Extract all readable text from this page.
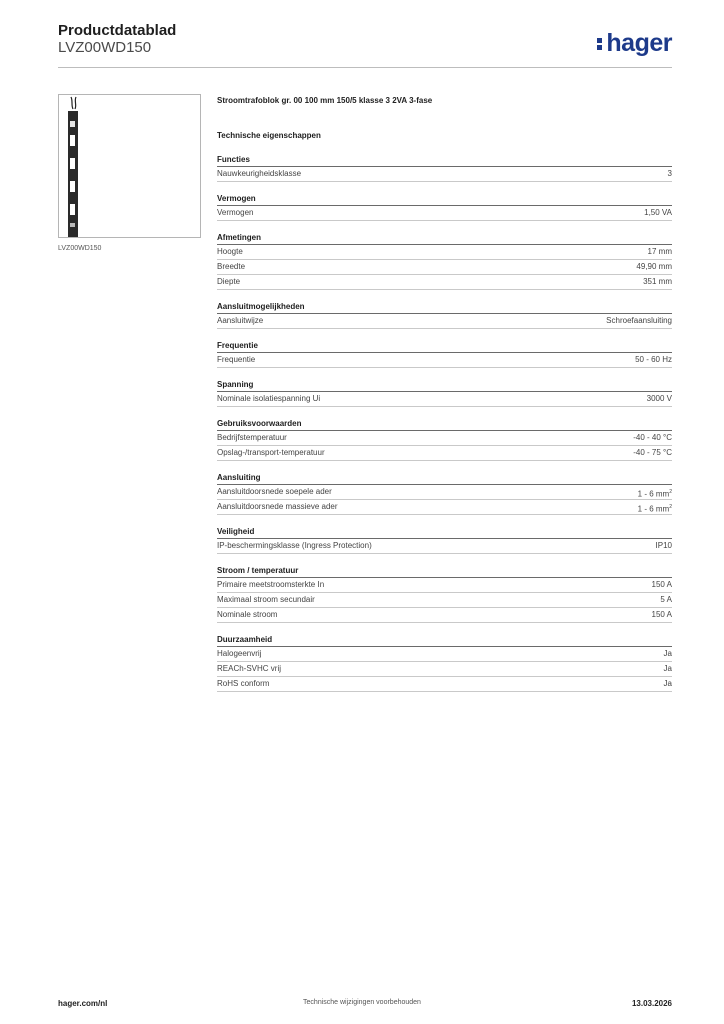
Productdatablad
LVZ00WD150	hager
LVZ00WD150
Stroomtrafoblok gr. 00 100 mm 150/5 klasse 3 2VA 3-fase
Technische eigenschappen
Functies
Nauwkeurigheidsklasse	3
Vermogen
Vermogen	1,50 VA
Afmetingen
Hoogte	17 mm
Breedte	49,90 mm
Diepte	351 mm
Aansluitmogelijkheden
Aansluitwijze	Schroefaansluiting
Frequentie
Frequentie	50 - 60 Hz
Spanning
Nominale isolatiespanning Ui	3000 V
Gebruiksvoorwaarden
Bedrijfstemperatuur	-40 - 40 °C
Opslag-/transport-temperatuur	-40 - 75 °C
Aansluiting
Aansluitdoorsnede soepele ader	1 - 6 $mm^2$
Aansluitdoorsnede massieve ader	1 - 6 $mm^2$
Veiligheid
IP-beschermingsklasse (Ingress Protection)	IP10
Stroom / temperatuur
Primaire meetstroomsterkte In	150 A
Maximaal stroom secundair	5 A
Nominale stroom	150 A
Duurzaamheid
Halogeenvrij	Ja
REACh-SVHC vrij	Ja
RoHS conform	Ja
hager.com/nl	Technische wijzigingen voorbehouden	13.03.2026
